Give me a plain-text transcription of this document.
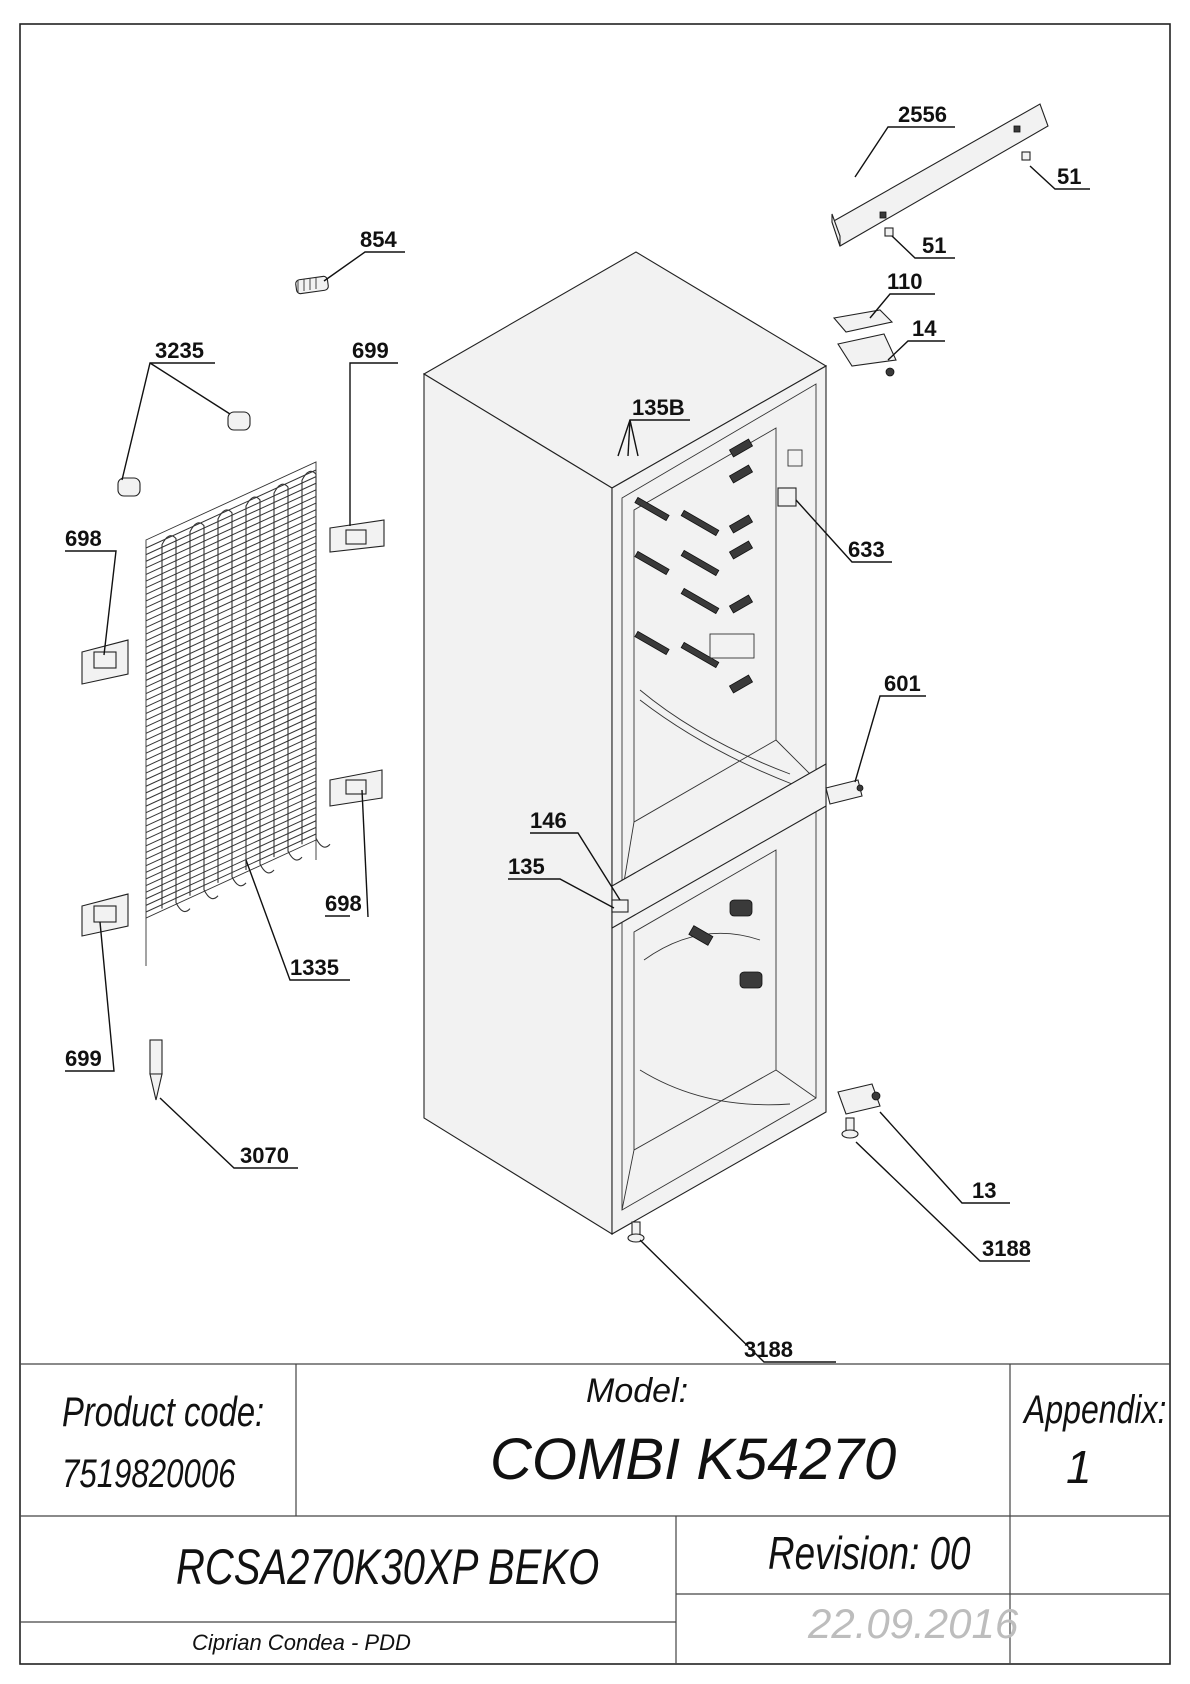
2556
51
51
854
110
14
3235	699
135B
698	633
601
146
135
698
1335
699
3070
13
3188
3188
Product code:
7519820006
Model:
COMBI K54270
Appendix:
1
RCSA270K30XP BEKO	Revision: 00
Ciprian Condea - PDD	22.09.2016
